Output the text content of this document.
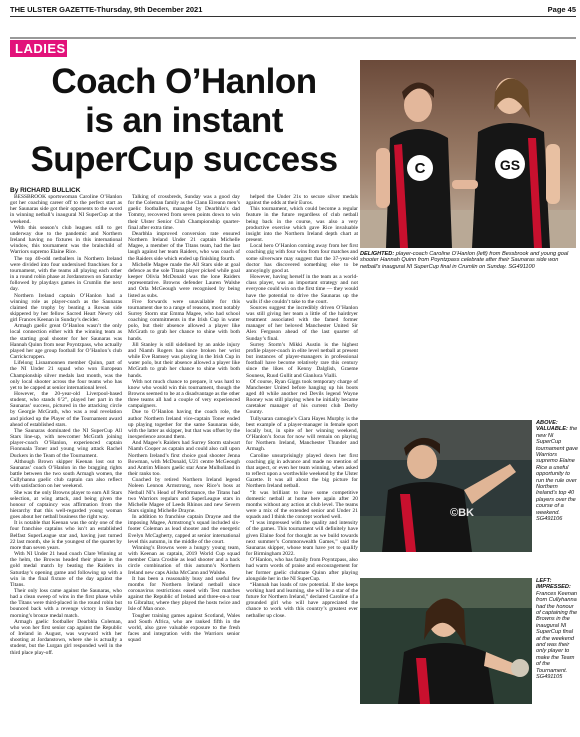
THE ULSTER GAZETTE-Thursday, 9th December 2021	Page 45
LADIES
Coach O’Hanlon
is an instant
SuperCup success
By RICHARD BULLICK

BESSBROOK sportswoman Caroline O’Hanlon got her coaching career off to the perfect start as her Saunaras side got their opponents to the sword in winning netball’s inaugural NI SuperCup at the weekend.

With this season’s club leagues still to get underway due to the pandemic and Northern Ireland having no fixtures in this international window, this tournament was the brainchild of Warriors supremo Elaine Rice.

The top 40-odd netballers in Northern Ireland were divided into four undersixed franchises for a tournament, with the teams all playing each other in a round robin phase at Jordanstown on Saturday followed by playdays games in Crumlin the next day.

Northern Ireland captain O’Hanlon had a winning role as player-coach as the Saunaras claimed the trophy by beating a Rowan side skippered by her fellow Sacred Heart Newry old girl Frances Keenan in Sunday’s decider.

Armagh gaelic great O’Hanlon wasn’t the only local connection either with the winning team as the starting goal shooter for her Saunaras was Hannah Quinn from near Poyntzpass, who actually played her age group football for O’Hanlon’s club Carrickcruppen.

Lifelong Lisnamonnen member Quinn, part of the NI Under 21 squad who won European Championship silver medals last month, was the only local shooter across the four teams who has yet to be capped at senior international level.

However, the 20-year-old Liverpool-based student, who stands 6’2”, played her part in the Saunaras’ success, pictured in the attacking circle by Georgie McGrath, who was a real revelation and picked up the Player of the Tournament award ahead of established stars.

The Saunaras dominated the NI SuperCup All Stars line-up, with newcomer McGrath joining player-coach O’Hanlon, experienced captain Fionnuala Toner and young wing attack Rachel Duckers in the Team of the Tournament.

Although Brown skipper Keenan lost out to Saunaras’ coach O’Hanlon in the bragging rights battle between the two south Armagh women, the Cullyhanna gaelic club captain can also reflect with satisfaction on her weekend.

She was the only Browns player to earn All Stars selection, at wing attack, and being given the honour of captaincy was affirmation from the hierarchy that this well-regarded young woman goes about her netball business the right way.

It is notable that Keenan was the only one of the four franchise captains who isn’t an established Belfast SuperLeague star and, having just turned 22 last month, she is the youngest of the quartet by more than seven years.

With NI Under 21 head coach Clare Winning at the helm, the Browns headed their phase in the gold medal match by beating the Raiders in Saturday’s opening game and following up with a win in the final fixture of the day against the Titans.

Their only loss came against the Saunaras, who had a clean sweep of wins in the first phase while the Titans were third-placed in the round robin but bounced back with a revenge victory in Sunday morning’s bronze medal match.

Armagh gaelic footballer Dearbhla Coleman, who won her first senior cap against the Republic of Ireland in August, was wayward with her shooting at Jordanstown, where she is actually a student, but the Lurgan girl responded well in the third place play-off.

Talking of crossbreds, Sunday was a good day for the Coleman family as the Clann Eireann men’s gaelic footballers, managed by Dearbhla’s dad Tommy, recovered from seven points down to win their Ulster Senior Club Championship quarter-final after extra time.

Dearbhla improved conversion rate ensured Northern Ireland Under 21 captain Michelle Magee, a member of the Titans team, had the last laugh against her team Raiders, who was coach of the Raiders side which ended up finishing fourth.

Michelle Magee made the All Stars side at goal defence as the sole Titans player picked while goal keeper Olivia McDonald was the lone Raiders representative. Browns defender Lauren Walshe and Orla McGeough were recognised by being listed as subs.

Five forwards were unavailable for this tournament due to a range of reasons, most notably Surrey Storm star Emma Magee, who had school coaching commitments in the Irish Cup in water polo, but their absence allowed a player like McGrath to grab her chance to shine with both hands.

Jill Stanley is still sidelined by an ankle injury and Niamh Rogers has since broken her wrist while Eve Ramsey was playing in the Irish Cup in water polo, but their absence allowed a player like McGrath to grab her chance to shine with both hands.

With not much chance to prepare, it was hard to know who would win this tournament, though the Browns seemed to be at a disadvantage as the other three teams all had a couple of very experienced campaigners.

Due to O’Hanlon having the coach role, the author Northern Ireland vice-captain Toner ended up playing together for the same Saunaras side, with the latter as skipper, but that was offset by the inexperience around them.

And Magee’s Raiders had Surrey Storm stalwart Niamh Cooper as captain and could also call upon Northern Ireland’s first choice goal shooter Jenna Bowman, with McDonald, U21 centre McGeough and Antrim Minors gaelic star Anne Mulholland in their ranks too.

Coached by retired Northern Ireland legend Noleen Lennon Armstrong, now Rice’s boss at Netball NI’s Head of Performance, the Titans had two Warriors regulars and SuperLeague stars in Michelle Magee of Leeds Rhinos and new Severn Stars signing Michelle Drayne.

In addition to franchise captain Drayne and the imposing Magee, Armstrong’s squad included six-footer Coleman as lead shooter and the energetic Evelyn McCagherty, capped at senior international level this autumn, in the middle of the court.

Winning’s Browns were a hungry young team, with Keenan as captain, 2019 World Cup squad member Ciara Crosbie as lead shooter and a back circle combination of this autumn’s Northern Ireland new caps Aisha McCann and Walshe.

It has been a reasonably busy and useful few months for Northern Ireland netball since coronavirus restrictions eased with Test matches against the Republic of Ireland and three-on-a tour to Gibraltar, where they played the hosts twice and Isle of Man once.

Tougher training games against Scotland, Wales and South Africa, who are ranked fifth in the world, also gave valuable exposure to the fresh faces and integration with the Warriors senior squad

helped the Under 21s to secure silver medals against the odds at their Euros.

This tournament, which could become a regular feature in the future regardless of club netball being back in the course, was also a very productive exercise which gave Rice invaluable insight into the Northern Ireland depth chart at present.

Local hero O’Hanlon coming away from her first coaching gig with four wins from four matches and some silverware may suggest that the 37-year-old doctor has discovered something else to be annoyingly good at.

However, having herself in the team as a world-class player, was an important strategy and not everyone could win on the first time — they would have the potential to drive the Saunaras up the walls if she couldn’t take to the court.

Sources suggest the incredibly driven O’Hanlon was still giving her team a little of the hairdryer treatment associated with the famed former manager of her beloved Manchester United Sir Alex Ferguson ahead of the last quarter of Sunday’s final.

Surrey Storm’s Mikki Austin is the highest profile player-coach in elite level netball at present but instances of player-managers in professional football have become relatively rare this century since the likes of Kenny Dalglish, Graeme Souness, Ruud Gullit and Gianluca Vialli.

Of course, Ryan Giggs took temporary charge of Manchester United before hanging up his boots aged 40 while another red Devils legend Wayne Rooney was still playing when he initially became caretaker manager of his current club Derby County.

Tullysaran camogie’s Ciara Hayes Murphy is the best example of a player-manager in female sport locally but, in spite of her winning weekend, O’Hanlon’s focus for now will remain on playing for Northern Ireland, Manchester Thunder and Armagh.

Caroline unsurprisingly played down her first coaching gig in advance and made no mention of that aspect, or even her team winning, when asked to reflect upon a worthwhile weekend by the Ulster Gazette. It was all about the big picture for Northern Ireland netball.

“It was brilliant to have some competitive domestic netball at home here again after 20 months without any action at club level. The teams were a mix of the extended senior and Under 21 squads and I think the concept worked well.

“I was impressed with the quality and intensity of the games. This tournament will definitely have given Elaine food for thought as we build towards next summer’s Commonwealth Games,” said the Saunaras skipper, whose team have yet to qualify for Birmingham 2022.

O’Hanlon, who has family from Poyntzpass, also had warm words of praise and encouragement for her former gaelic clubmate Quinn after playing alongside her in the NI SuperCup.

“Hannah has loads of raw potential. If she keeps working hard and learning, she will be a star of the future for Northern Ireland,” declared Caroline of a grounded girl who will have appreciated the chance to work with this country’s greatest ever netballer up close.

C	GS
DELIGHTED: player-coach Caroline O’Hanlon (left) from Bessbrook and young goal shooter Hannah Quinn from Poyntzpass celebrate after their Saunaras side won netball’s inaugural NI SuperCup final in Crumlin on Sunday. SG491100
©BK
ABOVE: VALUABLE: the new NI SuperCup tournament gave Warriors supremo Elaine Rice a useful opportunity to run the rule over Northern Ireland’s top 40 players over the course of a weekend. SG491106
LEFT: IMPRESSED: Frances Keenan from Cullyhanna had the honour of captaining the Browns in the inaugural NI SuperCup final at the weekend and was their only player to make the Team of the Tournament. SG491105
